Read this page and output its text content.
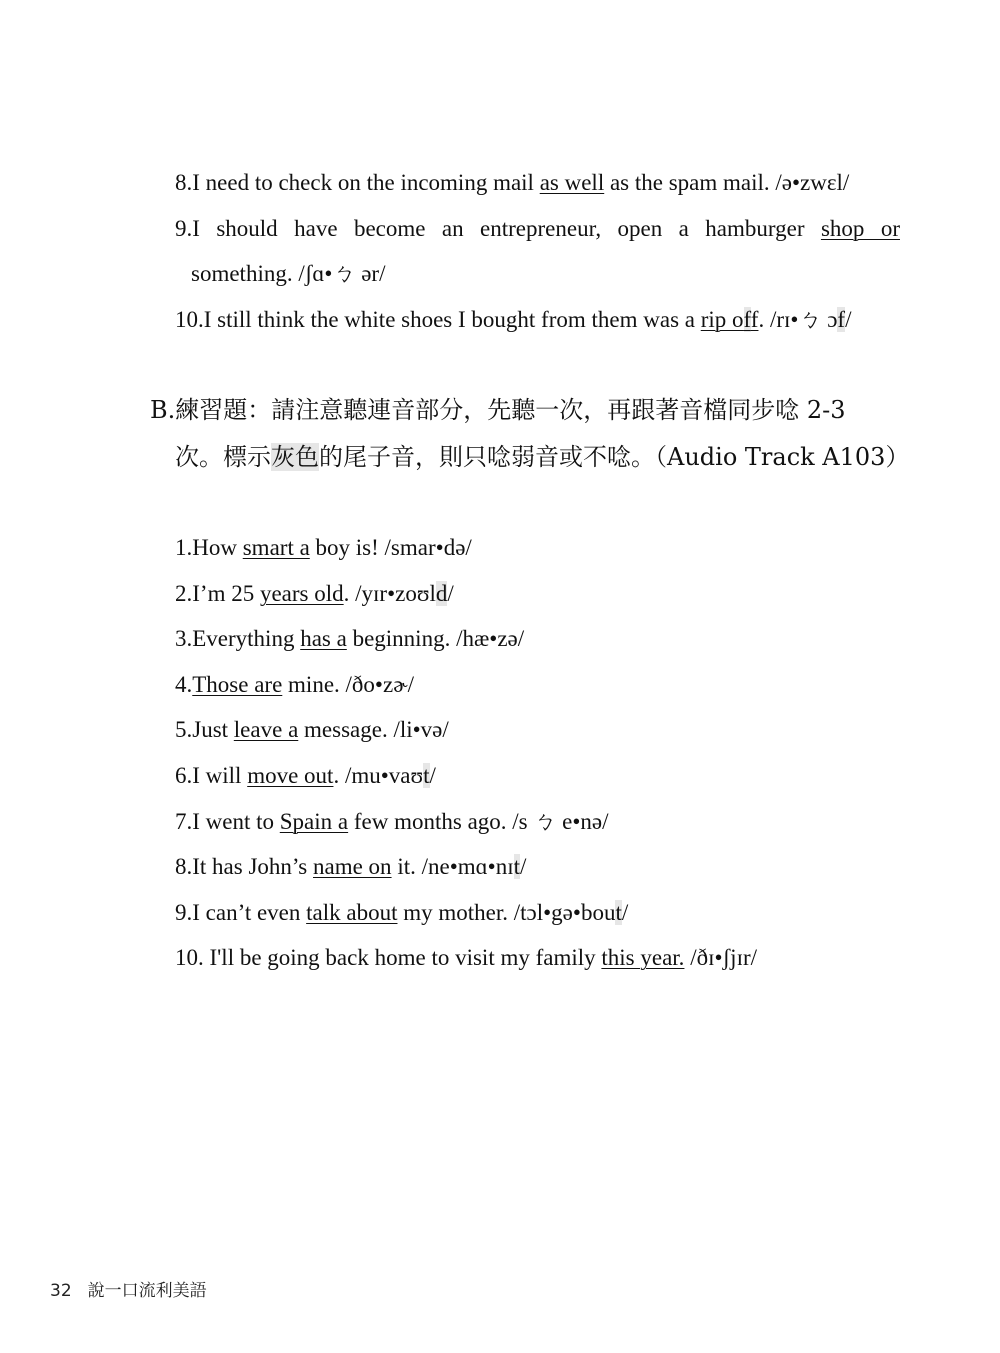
8.I need to check on the incoming mail as well as the spam mail. /ə•zwɛl/
9.I should have become an entrepreneur, open a hamburger shop or
something. /ʃɑ•ㄅ ər/
10.I still think the white shoes I bought from them was a rip off. /rɪ•ㄅ ɔf/
B.練習題：請注意聽連音部分，先聽一次，再跟著音檔同步唸 2-3
次。標示灰色的尾子音，則只唸弱音或不唸。（Audio Track A103）
1.How smart a boy is! /smar•də/
2.I’m 25 years old. /yɪr•zoʊld/
3.Everything has a beginning. /hæ•zə/
4.Those are mine. /ðo•zɚ/
5.Just leave a message. /li•və/
6.I will move out. /mu•vaʊt/
7.I went to Spain a few months ago. /s ㄅ e•nə/
8.It has John’s name on it. /ne•mɑ•nɪt/
9.I can’t even talk about my mother. /tɔl•gə•bout/
10. I'll be going back home to visit my family this year. /ðɪ•ʃjɪr/
32 說一口流利美語
